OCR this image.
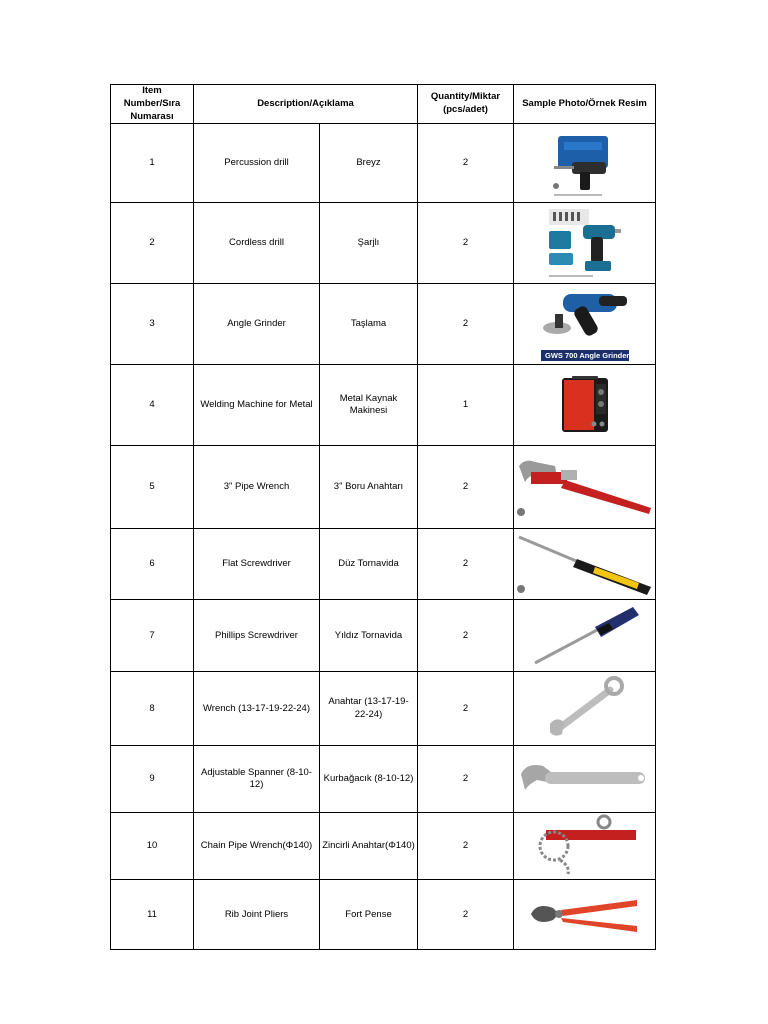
Item Number/Sıra Numarası	Description/Açıklama		Quantity/Miktar (pcs/adet)	Sample Photo/Örnek Resim
1	Percussion drill	Breyz	2	

2	Cordless drill	Şarjlı	2	

3	Angle Grinder	Taşlama	2	GWS 700 Angle Grinder

4	Welding Machine for Metal	Metal Kaynak Makinesi	1	

5	3" Pipe Wrench	3" Boru Anahtarı	2	

6	Flat Screwdriver	Düz Tornavida	2	

7	Phillips Screwdriver	Yıldız Tornavida	2	

8	Wrench (13-17-19-22-24)	Anahtar (13-17-19-22-24)	2	

9	Adjustable Spanner (8-10-12)	Kurbağacık (8-10-12)	2	

10	Chain Pipe Wrench(Φ140)	Zincirli Anahtar(Φ140)	2	

11	Rib Joint Pliers	Fort Pense	2	
